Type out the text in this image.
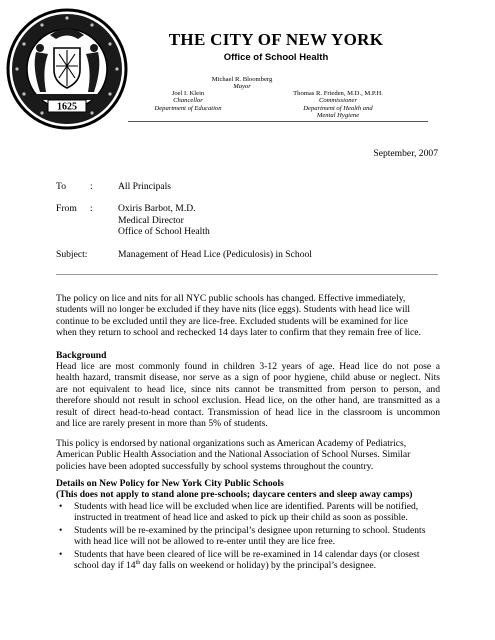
1625
THE CITY OF NEW YORK
Office of School Health
Michael R. Bloomberg
Mayor
Joel I. Klein
Chancellor
Department of Education
Thomas R. Frieden, M.D., M.P.H.
Commissioner
Department of Health and
Mental Hygiene
September, 2007
To	:	All Principals
From :	Oxiris Barbot, M.D.
Medical Director
Office of School Health
Subject:	Management of Head Lice (Pediculosis) in School
The policy on lice and nits for all NYC public schools has changed. Effective immediately,
students will no longer be excluded if they have nits (lice eggs). Students with head lice will
continue to be excluded until they are lice-free. Excluded students will be examined for lice
when they return to school and rechecked 14 days later to confirm that they remain free of lice.
Background
Head lice are most commonly found in children 3-12 years of age. Head lice do not pose a
health hazard, transmit disease, nor serve as a sign of poor hygiene, child abuse or neglect. Nits
are not equivalent to head lice, since nits cannot be transmitted from person to person, and
therefore should not result in school exclusion. Head lice, on the other hand, are transmitted as a
result of direct head-to-head contact. Transmission of head lice in the classroom is uncommon
and lice are rarely present in more than 5% of students.
This policy is endorsed by national organizations such as American Academy of Pediatrics,
American Public Health Association and the National Association of School Nurses. Similar
policies have been adopted successfully by school systems throughout the country.
Details on New Policy for New York City Public Schools
(This does not apply to stand alone pre-schools; daycare centers and sleep away camps)
• Students with head lice will be excluded when lice are identified. Parents will be notified,
instructed in treatment of head lice and asked to pick up their child as soon as possible.
• Students will be re-examined by the principal’s designee upon returning to school. Students
with head lice will not be allowed to re-enter until they are lice free.
• Students that have been cleared of lice will be re-examined in 14 calendar days (or closest
school day if 14th day falls on weekend or holiday) by the principal’s designee.
